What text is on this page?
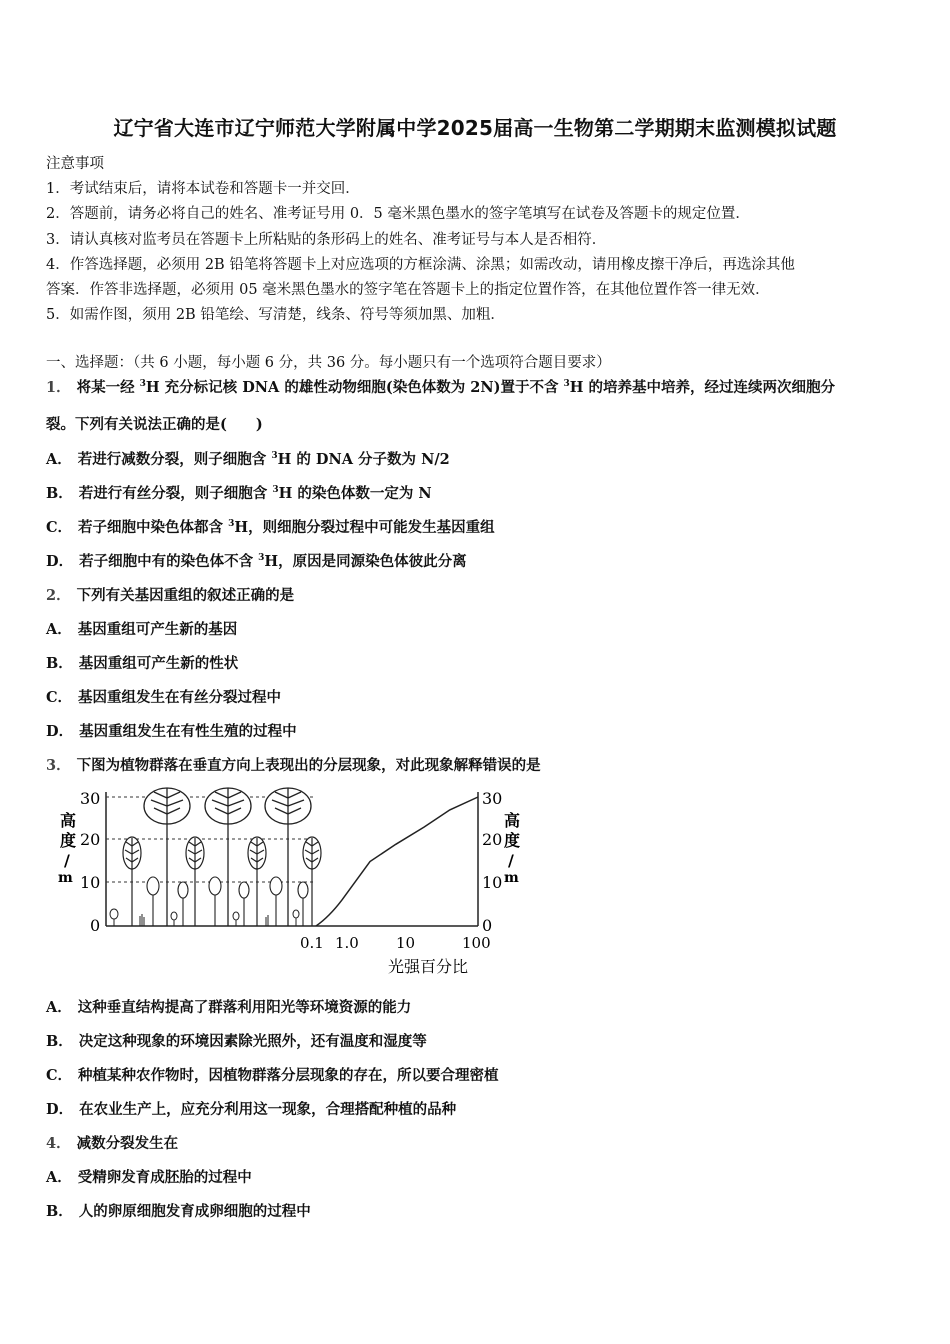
辽宁省大连市辽宁师范大学附属中学2025届高一生物第二学期期末监测模拟试题
注意事项
1．考试结束后，请将本试卷和答题卡一并交回．
2．答题前，请务必将自己的姓名、准考证号用 0．5 毫米黑色墨水的签字笔填写在试卷及答题卡的规定位置．
3．请认真核对监考员在答题卡上所粘贴的条形码上的姓名、准考证号与本人是否相符．
4．作答选择题，必须用 2B 铅笔将答题卡上对应选项的方框涂满、涂黑；如需改动，请用橡皮擦干净后，再选涂其他
答案．作答非选择题，必须用 05 毫米黑色墨水的签字笔在答题卡上的指定位置作答，在其他位置作答一律无效．
5．如需作图，须用 2B 铅笔绘、写清楚，线条、符号等须加黑、加粗．
一、选择题：（共 6 小题，每小题 6 分，共 36 分。每小题只有一个选项符合题目要求）
1． 将某一经 $^3$H 充分标记核 DNA 的雄性动物细胞(染色体数为 2N)置于不含 $^3$H 的培养基中培养，经过连续两次细胞分
裂。下列有关说法正确的是(　　)
A． 若进行减数分裂，则子细胞含 $^3$H 的 DNA 分子数为 N/2
B． 若进行有丝分裂，则子细胞含 $^3$H 的染色体数一定为 N
C． 若子细胞中染色体都含 $^3$H，则细胞分裂过程中可能发生基因重组
D． 若子细胞中有的染色体不含 $^3$H，原因是同源染色体彼此分离
2． 下列有关基因重组的叙述正确的是
A． 基因重组可产生新的基因
B． 基因重组可产生新的性状
C． 基因重组发生在有丝分裂过程中
D． 基因重组发生在有性生殖的过程中
3． 下图为植物群落在垂直方向上表现出的分层现象，对此现象解释错误的是
高
度
/
m
30
20
10
0
0.1 1.0 10	100
光强百分比
30
20
10
0
高
度
/
m
A． 这种垂直结构提高了群落利用阳光等环境资源的能力
B． 决定这种现象的环境因素除光照外，还有温度和湿度等
C． 种植某种农作物时，因植物群落分层现象的存在，所以要合理密植
D． 在农业生产上，应充分利用这一现象，合理搭配种植的品种
4． 减数分裂发生在
A． 受精卵发育成胚胎的过程中
B． 人的卵原细胞发育成卵细胞的过程中
